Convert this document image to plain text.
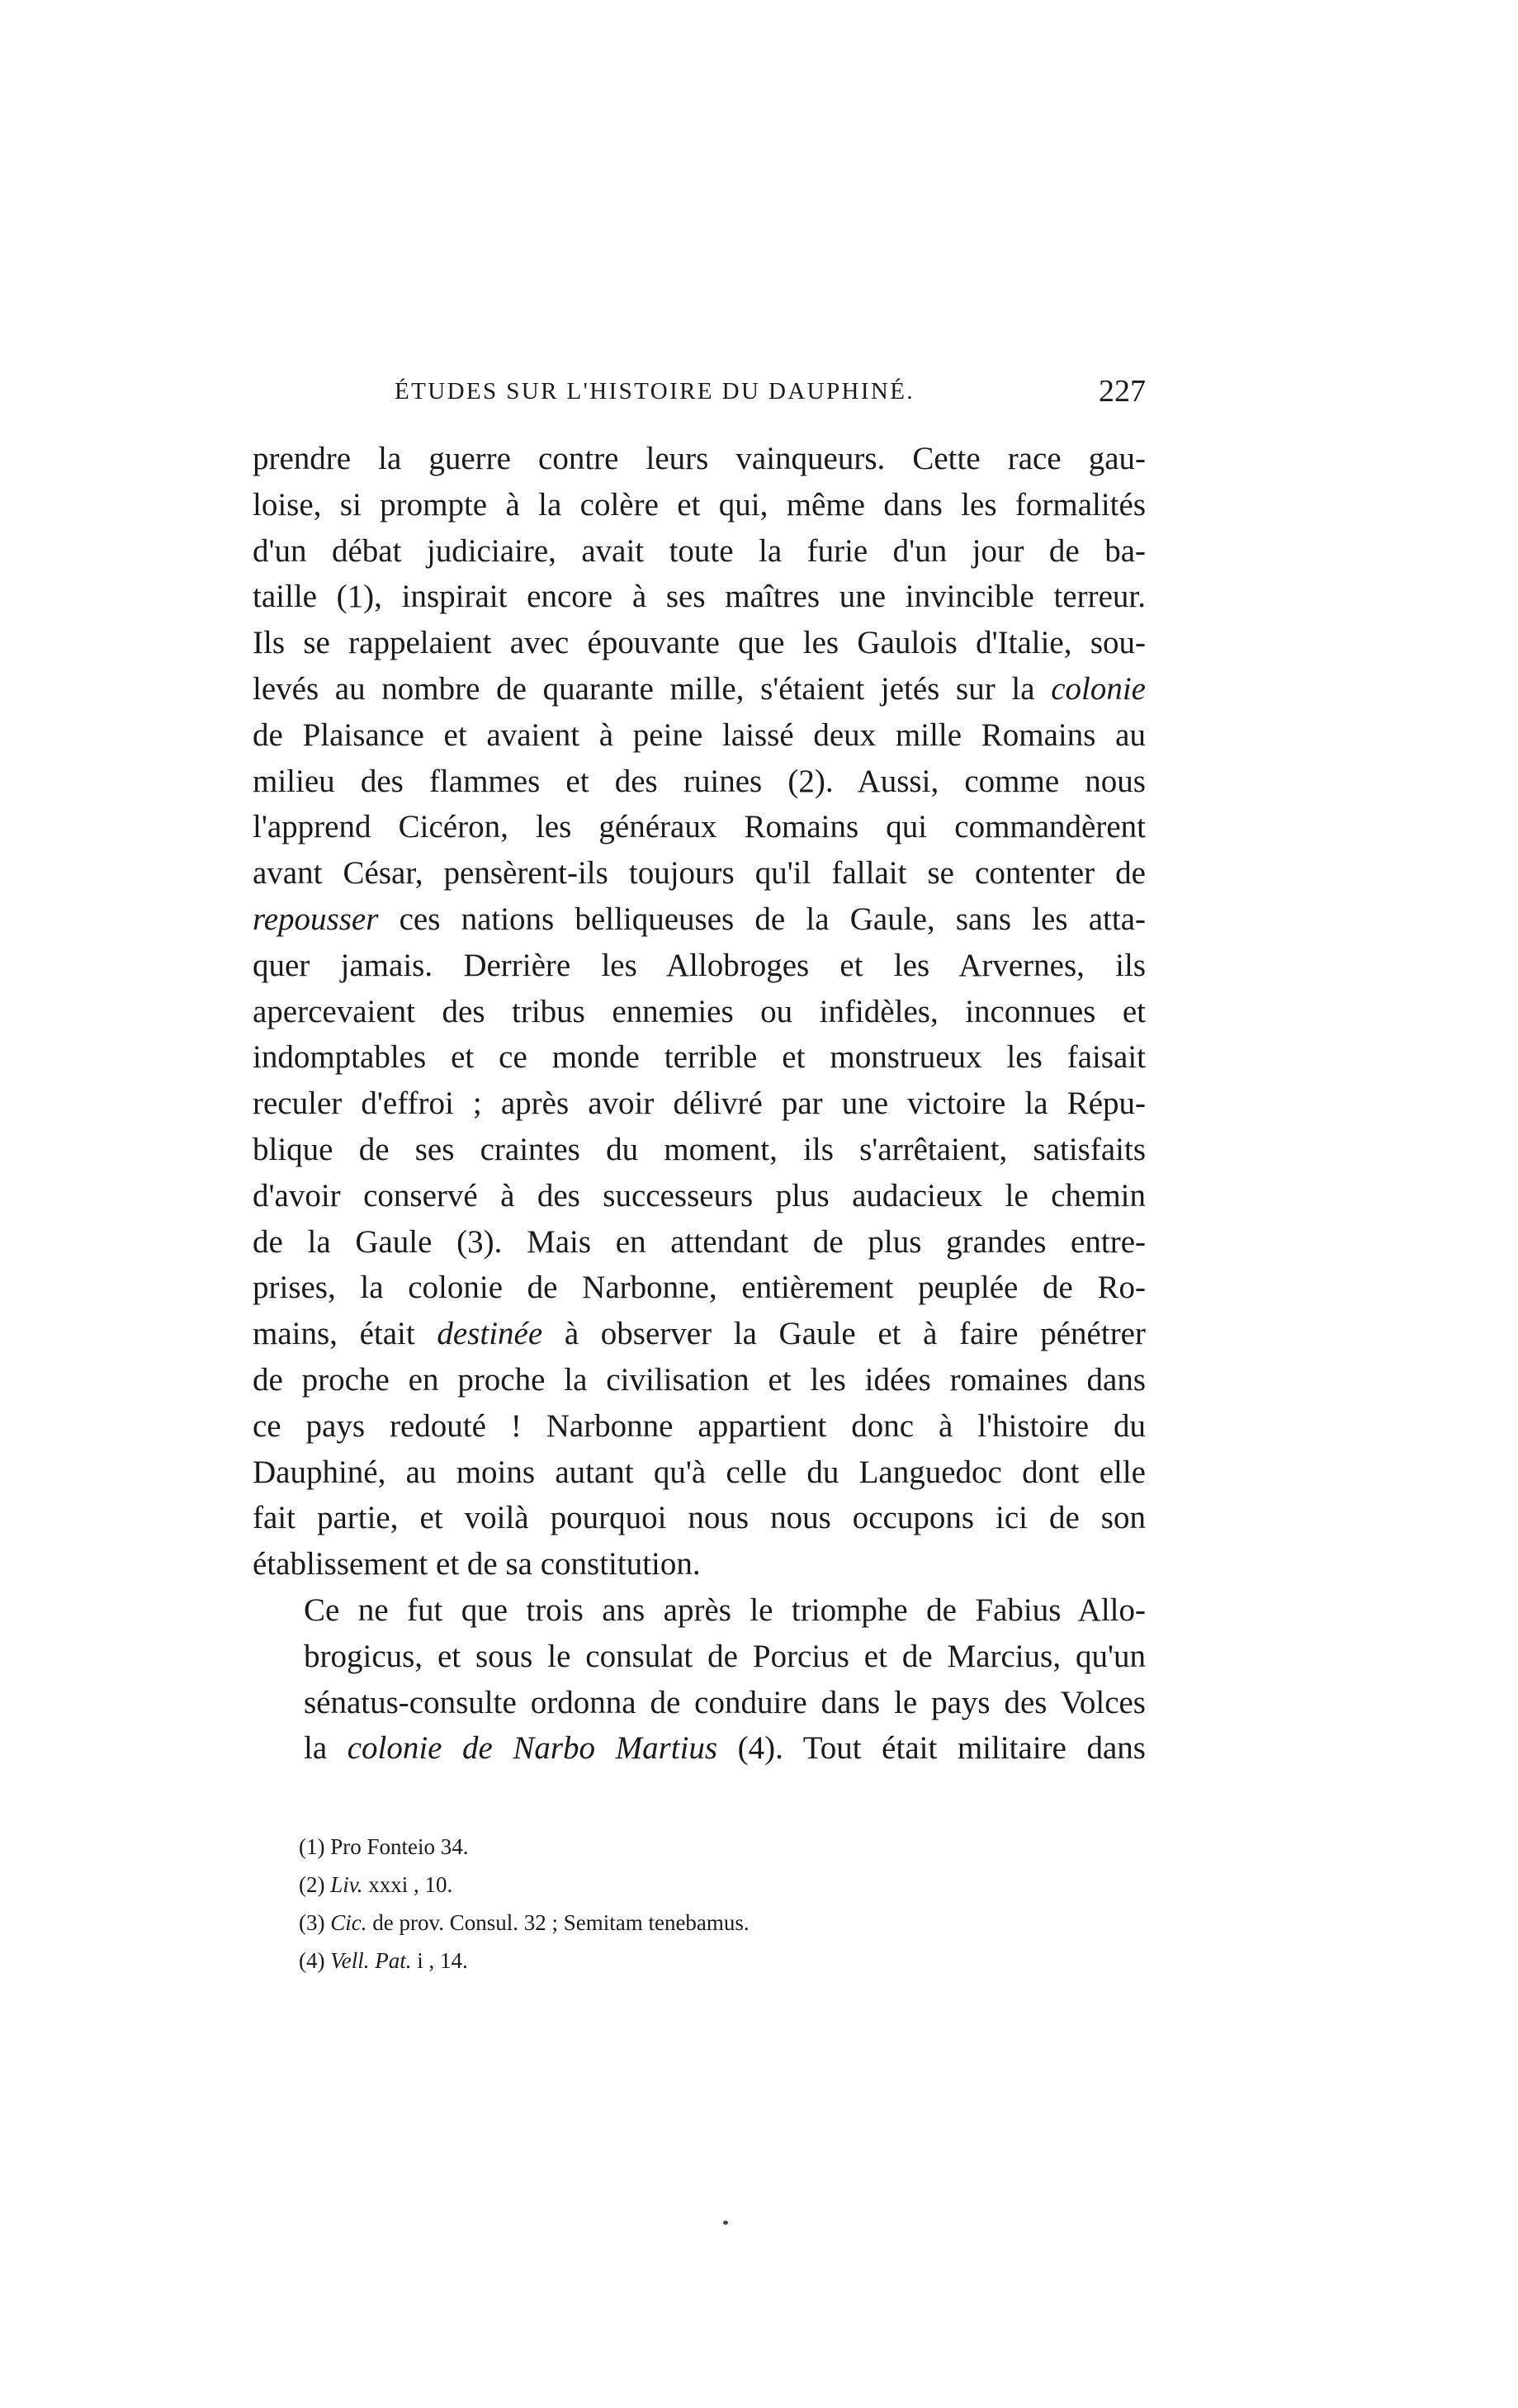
ÉTUDES SUR L'HISTOIRE DU DAUPHINÉ.	227

prendre la guerre contre leurs vainqueurs. Cette race gau-
loise, si prompte à la colère et qui, même dans les formalités
d'un débat judiciaire, avait toute la furie d'un jour de ba-
taille (1), inspirait encore à ses maîtres une invincible terreur.
Ils se rappelaient avec épouvante que les Gaulois d'Italie, sou-
levés au nombre de quarante mille, s'étaient jetés sur la colonie
de Plaisance et avaient à peine laissé deux mille Romains au
milieu des flammes et des ruines (2). Aussi, comme nous
l'apprend Cicéron, les généraux Romains qui commandèrent
avant César, pensèrent-ils toujours qu'il fallait se contenter de
repousser ces nations belliqueuses de la Gaule, sans les atta-
quer jamais. Derrière les Allobroges et les Arvernes, ils
apercevaient des tribus ennemies ou infidèles, inconnues et
indomptables et ce monde terrible et monstrueux les faisait
reculer d'effroi ; après avoir délivré par une victoire la Répu-
blique de ses craintes du moment, ils s'arrêtaient, satisfaits
d'avoir conservé à des successeurs plus audacieux le chemin
de la Gaule (3). Mais en attendant de plus grandes entre-
prises, la colonie de Narbonne, entièrement peuplée de Ro-
mains, était destinée à observer la Gaule et à faire pénétrer
de proche en proche la civilisation et les idées romaines dans
ce pays redouté ! Narbonne appartient donc à l'histoire du
Dauphiné, au moins autant qu'à celle du Languedoc dont elle
fait partie, et voilà pourquoi nous nous occupons ici de son
établissement et de sa constitution.

Ce ne fut que trois ans après le triomphe de Fabius Allo-
brogicus, et sous le consulat de Porcius et de Marcius, qu'un
sénatus-consulte ordonna de conduire dans le pays des Volces
la colonie de Narbo Martius (4). Tout était militaire dans

(1) Pro Fonteio 34.
(2) Liv. xxxi , 10.
(3) Cic. de prov. Consul. 32 ; Semitam tenebamus.
(4) Vell. Pat. i , 14.
